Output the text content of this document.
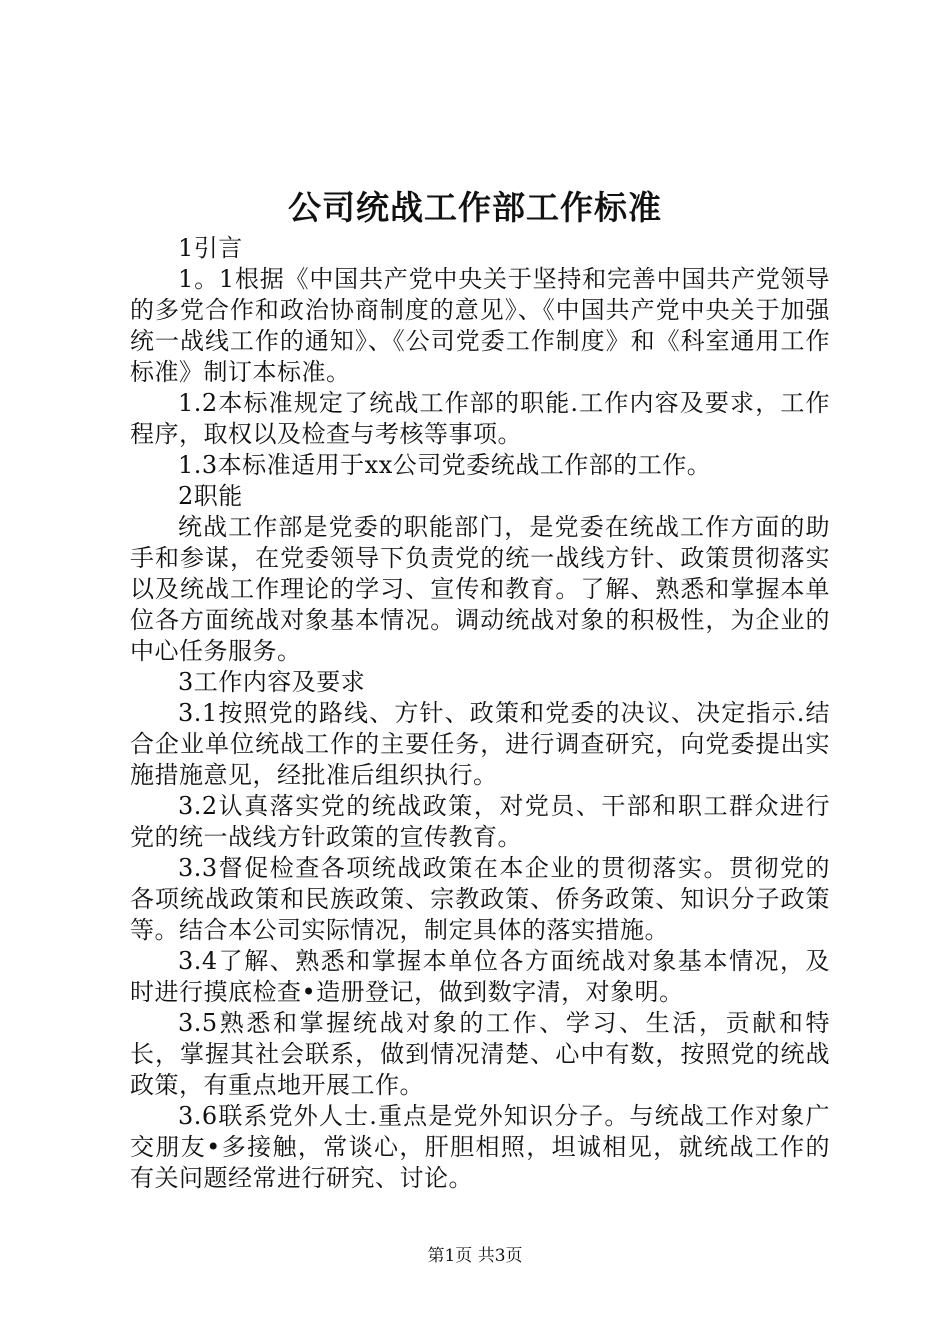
公司统战工作部工作标准

1引言

1。1根据《中国共产党中央关于坚持和完善中国共产党领导的多党合作和政治协商制度的意见》、《中国共产党中央关于加强统一战线工作的通知》、《公司党委工作制度》和《科室通用工作标准》制订本标准。

1.2本标准规定了统战工作部的职能.工作内容及要求，工作程序，取权以及检查与考核等事项。

1.3本标准适用于xx公司党委统战工作部的工作。

2职能

统战工作部是党委的职能部门，是党委在统战工作方面的助手和参谋，在党委领导下负责党的统一战线方针、政策贯彻落实以及统战工作理论的学习、宣传和教育。了解、熟悉和掌握本单位各方面统战对象基本情况。调动统战对象的积极性，为企业的中心任务服务。

3工作内容及要求

3.1按照党的路线、方针、政策和党委的决议、决定指示.结合企业单位统战工作的主要任务，进行调查研究，向党委提出实施措施意见，经批准后组织执行。

3.2认真落实党的统战政策，对党员、干部和职工群众进行党的统一战线方针政策的宣传教育。

3.3督促检查各项统战政策在本企业的贯彻落实。贯彻党的各项统战政策和民族政策、宗教政策、侨务政策、知识分子政策等。结合本公司实际情况，制定具体的落实措施。

3.4了解、熟悉和掌握本单位各方面统战对象基本情况，及时进行摸底检查•造册登记，做到数字清，对象明。

3.5熟悉和掌握统战对象的工作、学习、生活，贡献和特长，掌握其社会联系，做到情况清楚、心中有数，按照党的统战政策，有重点地开展工作。

3.6联系党外人士.重点是党外知识分子。与统战工作对象广交朋友•多接触，常谈心，肝胆相照，坦诚相见，就统战工作的有关问题经常进行研究、讨论。

第1页 共3页
